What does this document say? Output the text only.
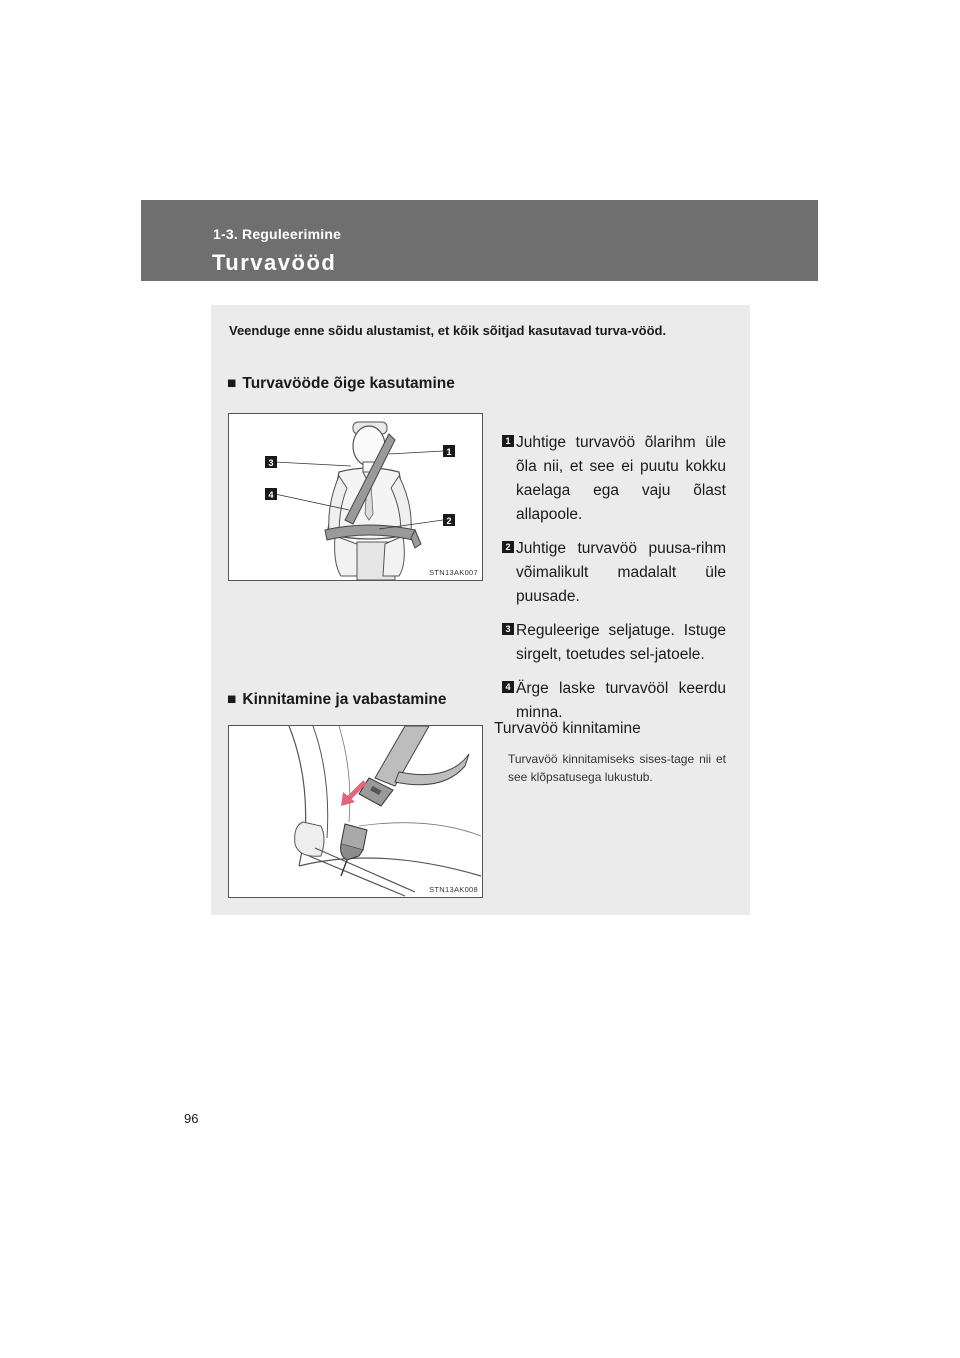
1-3. Reguleerimine

Turvavööd

Veenduge enne sõidu alustamist, et kõik sõitjad kasutavad turva-vööd.

■ Turvavööde õige kasutamine

1
2
3
4
STN13AK007
1 Juhtige turvavöö õlarihm üle õla nii, et see ei puutu kokku kaelaga ega vaju õlast allapoole.
2 Juhtige turvavöö puusa-rihm võimalikult madalalt üle puusade.
3 Reguleerige seljatuge. Istuge sirgelt, toetudes sel-jatoele.
4 Ärge laske turvavööl keerdu minna.

■ Kinnitamine ja vabastamine

Turvavöö kinnitamine

Turvavöö kinnitamiseks sises-tage nii et see klõpsatusega lukustub.

STN13AK008

96
